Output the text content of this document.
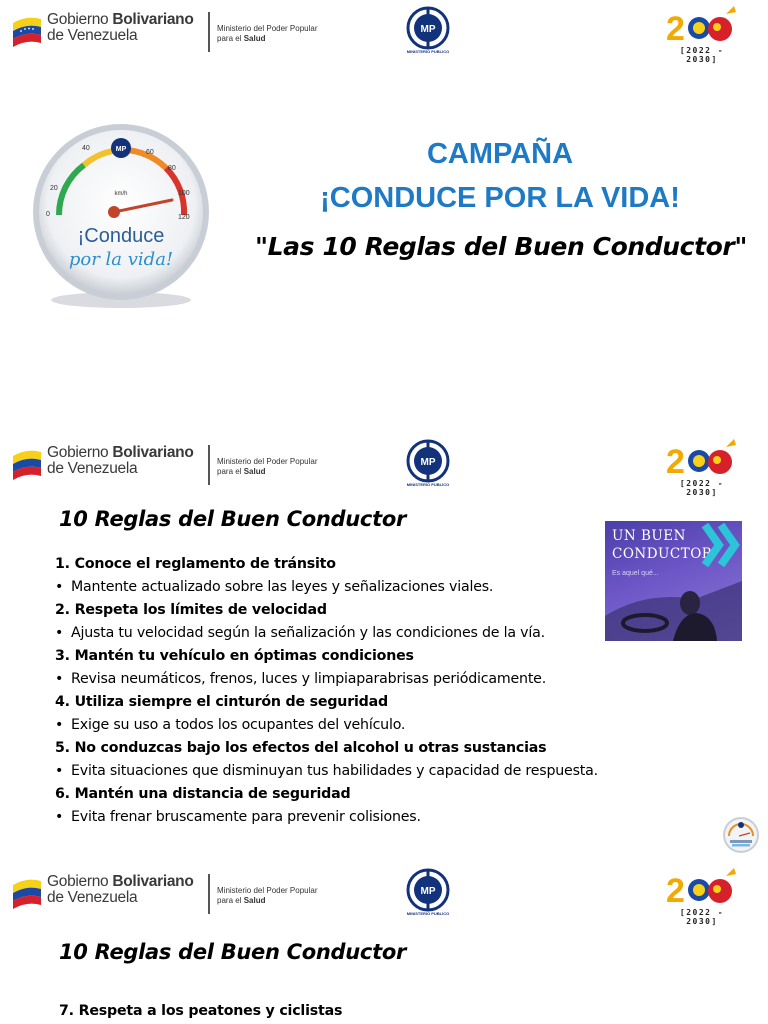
Gobierno Bolivariano
de Venezuela	Ministerio del Poder Popular
para el Salud
MP
MINISTERIO PUBLICO
2
[2022 - 2030]
0
20
40
60
80
100
120
MP
km/h
¡Conduce
por la vida!
CAMPAÑA
¡CONDUCE POR LA VIDA!
"Las 10 Reglas del Buen Conductor"
Gobierno Bolivariano
de Venezuela	Ministerio del Poder Popular
para el Salud
MP
MINISTERIO PUBLICO
2
[2022 - 2030]
10 Reglas del Buen Conductor
UN BUEN
CONDUCTOR
Es aquel qué...
1. Conoce el reglamento de tránsito
• Mantente actualizado sobre las leyes y señalizaciones viales.
2. Respeta los límites de velocidad
• Ajusta tu velocidad según la señalización y las condiciones de la vía.
3. Mantén tu vehículo en óptimas condiciones
• Revisa neumáticos, frenos, luces y limpiaparabrisas periódicamente.
4. Utiliza siempre el cinturón de seguridad
• Exige su uso a todos los ocupantes del vehículo.
5. No conduzcas bajo los efectos del alcohol u otras sustancias
• Evita situaciones que disminuyan tus habilidades y capacidad de respuesta.
6. Mantén una distancia de seguridad
• Evita frenar bruscamente para prevenir colisiones.
Gobierno Bolivariano
de Venezuela	Ministerio del Poder Popular
para el Salud
MP
MINISTERIO PUBLICO
2
[2022 - 2030]
10 Reglas del Buen Conductor
7. Respeta a los peatones y ciclistas
